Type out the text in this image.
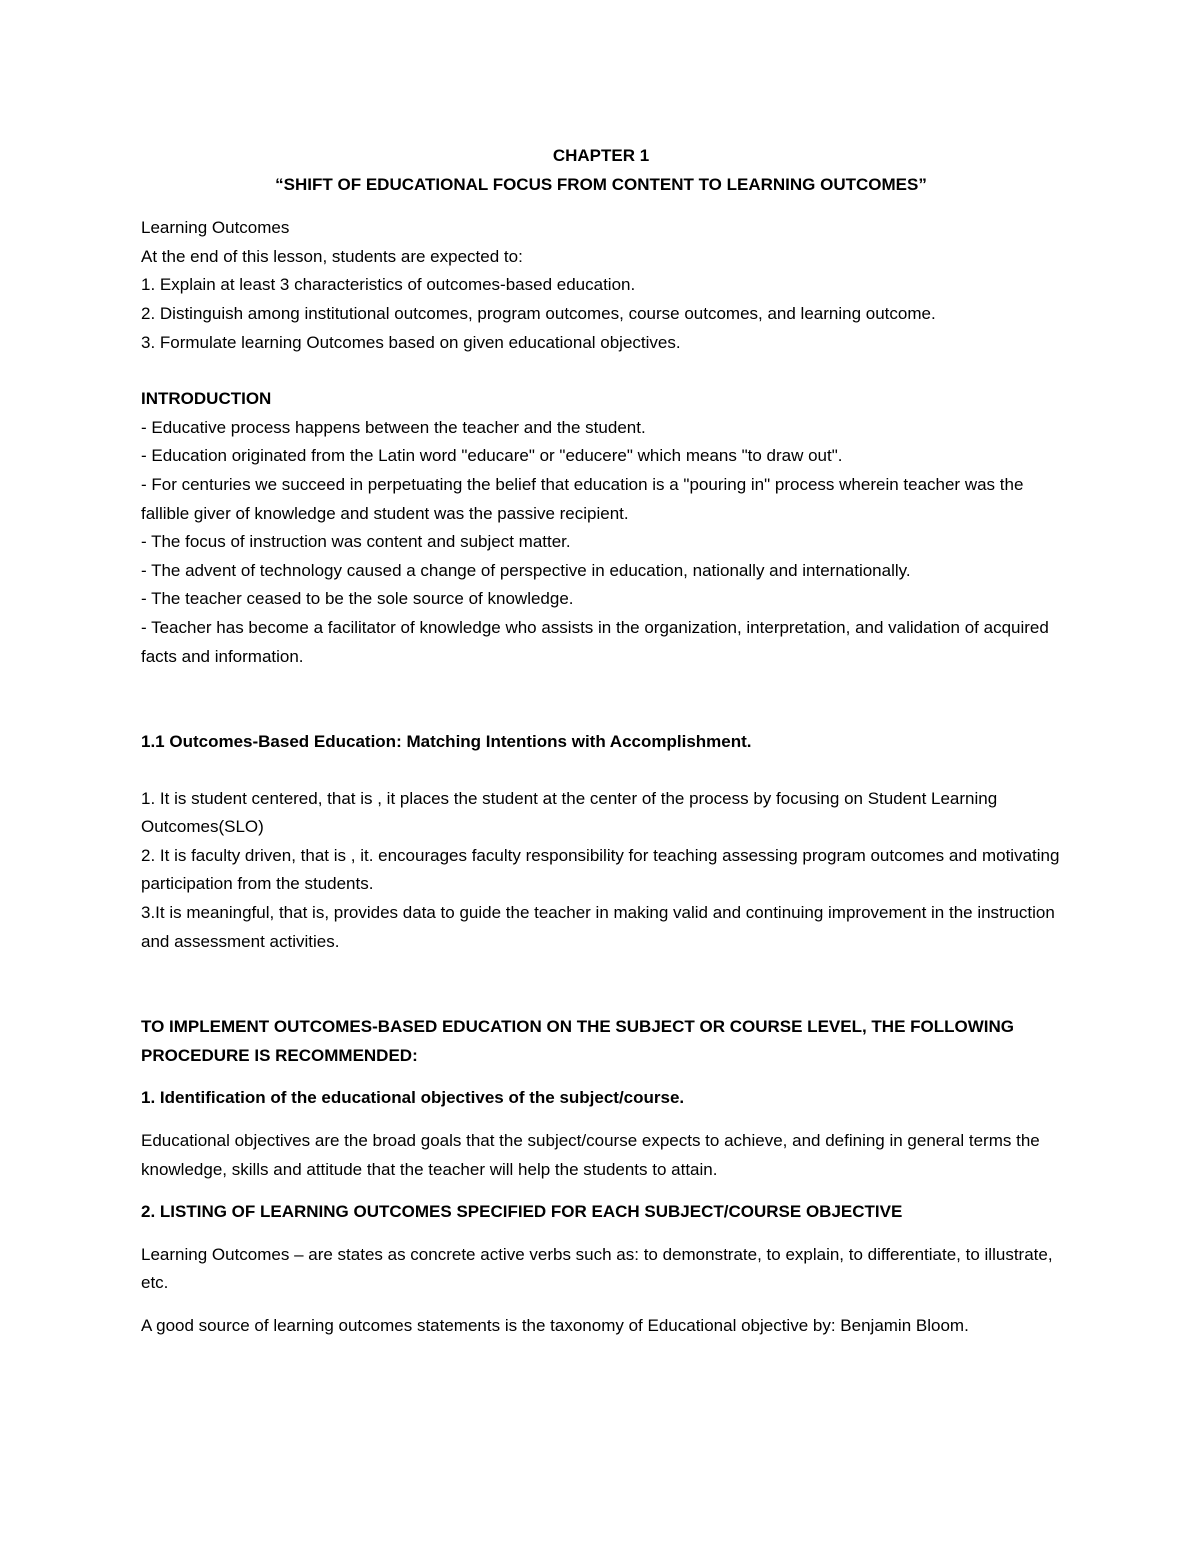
CHAPTER 1

“SHIFT OF EDUCATIONAL FOCUS FROM CONTENT TO LEARNING OUTCOMES”

Learning Outcomes

At the end of this lesson, students are expected to:

1. Explain at least 3 characteristics of outcomes-based education.

2. Distinguish among institutional outcomes, program outcomes, course outcomes, and learning outcome.

3. Formulate learning Outcomes based on given educational objectives.

INTRODUCTION

- Educative process happens between the teacher and the student.

- Education originated from the Latin word "educare" or "educere" which means "to draw out".

- For centuries we succeed in perpetuating the belief that education is a "pouring in" process wherein teacher was the fallible giver of knowledge and student was the passive recipient.

- The focus of instruction was content and subject matter.

- The advent of technology caused a change of perspective in education, nationally and internationally.

- The teacher ceased to be the sole source of knowledge.

- Teacher has become a facilitator of knowledge who assists in the organization, interpretation, and validation of acquired facts and information.

1.1 Outcomes-Based Education: Matching Intentions with Accomplishment.

1. It is student centered, that is , it places the student at the center of the process by focusing on Student Learning Outcomes(SLO)

2. It is faculty driven, that is , it. encourages faculty responsibility for teaching assessing program outcomes and motivating participation from the students.

3.It is meaningful, that is, provides data to guide the teacher in making valid and continuing improvement in the instruction and assessment activities.

TO IMPLEMENT OUTCOMES-BASED EDUCATION ON THE SUBJECT OR COURSE LEVEL, THE FOLLOWING PROCEDURE IS RECOMMENDED:

1. Identification of the educational objectives of the subject/course.

Educational objectives are the broad goals that the subject/course expects to achieve, and defining in general terms the knowledge, skills and attitude that the teacher will help the students to attain.

2. LISTING OF LEARNING OUTCOMES SPECIFIED FOR EACH SUBJECT/COURSE OBJECTIVE

Learning Outcomes – are states as concrete active verbs such as: to demonstrate, to explain, to differentiate, to illustrate, etc.

A good source of learning outcomes statements is the taxonomy of Educational objective by: Benjamin Bloom.
